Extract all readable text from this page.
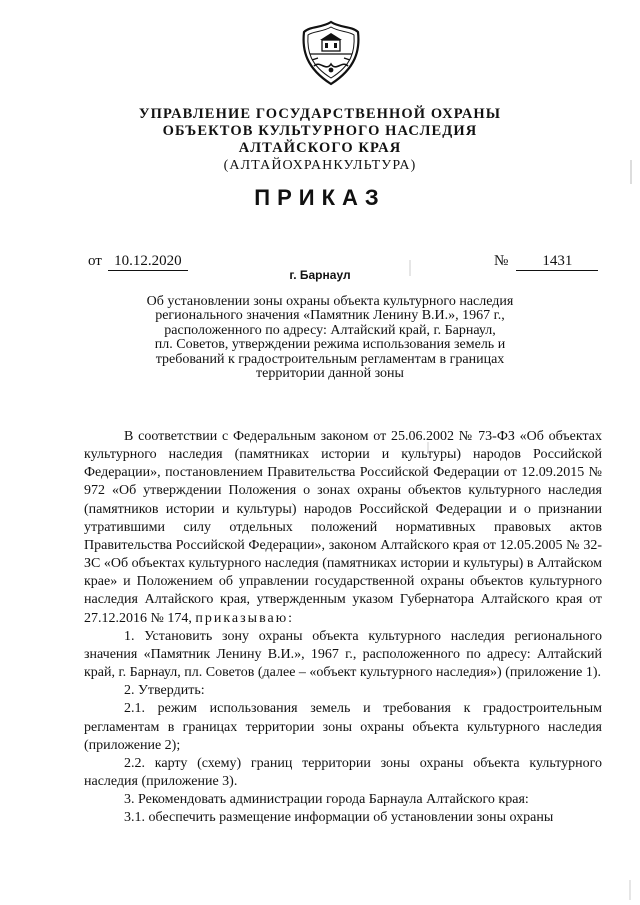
УПРАВЛЕНИЕ ГОСУДАРСТВЕННОЙ ОХРАНЫ
ОБЪЕКТОВ КУЛЬТУРНОГО НАСЛЕДИЯ
АЛТАЙСКОГО КРАЯ
(АЛТАЙОХРАНКУЛЬТУРА)
ПРИКАЗ
от 10.12.2020	№ 1431
г. Барнаул
Об установлении зоны охраны объекта культурного наследия
регионального значения «Памятник Ленину В.И.», 1967 г.,
расположенного по адресу: Алтайский край, г. Барнаул,
пл. Советов, утверждении режима использования земель и
требований к градостроительным регламентам в границах
территории данной зоны

В соответствии с Федеральным законом от 25.06.2002 № 73-ФЗ «Об объектах культурного наследия (памятниках истории и культуры) народов Российской Федерации», постановлением Правительства Российской Федерации от 12.09.2015 № 972 «Об утверждении Положения о зонах охраны объектов культурного наследия (памятников истории и культуры) народов Российской Федерации и о признании утратившими силу отдельных положений нормативных правовых актов Правительства Российской Федерации», законом Алтайского края от 12.05.2005 № 32-ЗС «Об объектах культурного наследия (памятниках истории и культуры) в Алтайском крае» и Положением об управлении государственной охраны объектов культурного наследия Алтайского края, утвержденным указом Губернатора Алтайского края от 27.12.2016 № 174, приказываю:

1. Установить зону охраны объекта культурного наследия регионального значения «Памятник Ленину В.И.», 1967 г., расположенного по адресу: Алтайский край, г. Барнаул, пл. Советов (далее – «объект культурного наследия») (приложение 1).

2. Утвердить:

2.1. режим использования земель и требования к градостроительным регламентам в границах территории зоны охраны объекта культурного наследия (приложение 2);

2.2. карту (схему) границ территории зоны охраны объекта культурного наследия (приложение 3).

3. Рекомендовать администрации города Барнаула Алтайского края:

3.1. обеспечить размещение информации об установлении зоны охраны
